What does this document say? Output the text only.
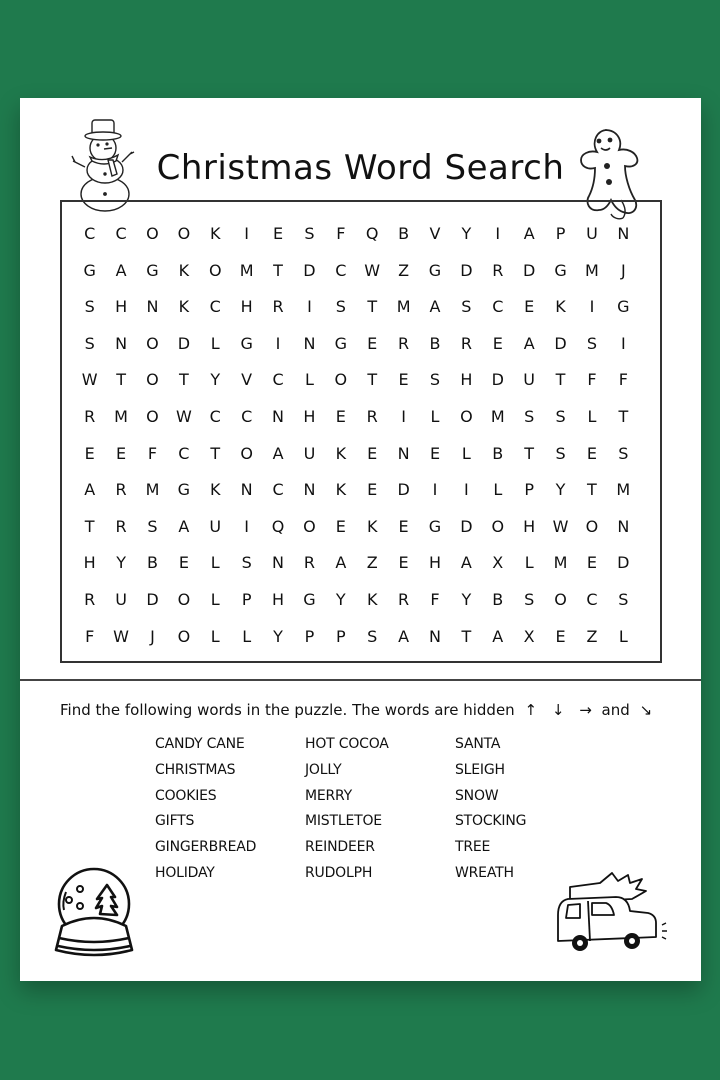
Christmas Word Search
C	C	O	O	K	I	E	S	F	Q	B	V	Y	I	A	P	U	N
G	A	G	K	O	M	T	D	C	W	Z	G	D	R	D	G	M	J
S	H	N	K	C	H	R	I	S	T	M	A	S	C	E	K	I	G
S	N	O	D	L	G	I	N	G	E	R	B	R	E	A	D	S	I
W	T	O	T	Y	V	C	L	O	T	E	S	H	D	U	T	F	F
R	M	O	W	C	C	N	H	E	R	I	L	O	M	S	S	L	T
E	E	F	C	T	O	A	U	K	E	N	E	L	B	T	S	E	S
A	R	M	G	K	N	C	N	K	E	D	I	I	L	P	Y	T	M
T	R	S	A	U	I	Q	O	E	K	E	G	D	O	H	W	O	N
H	Y	B	E	L	S	N	R	A	Z	E	H	A	X	L	M	E	D
R	U	D	O	L	P	H	G	Y	K	R	F	Y	B	S	O	C	S
F	W	J	O	L	L	Y	P	P	S	A	N	T	A	X	E	Z	L
Find the following words in the puzzle. The words are hidden ↑ ↓ → and ↘
CANDY CANE
CHRISTMAS
COOKIES
GIFTS
GINGERBREAD
HOLIDAY
HOT COCOA
JOLLY
MERRY
MISTLETOE
REINDEER
RUDOLPH
SANTA
SLEIGH
SNOW
STOCKING
TREE
WREATH
